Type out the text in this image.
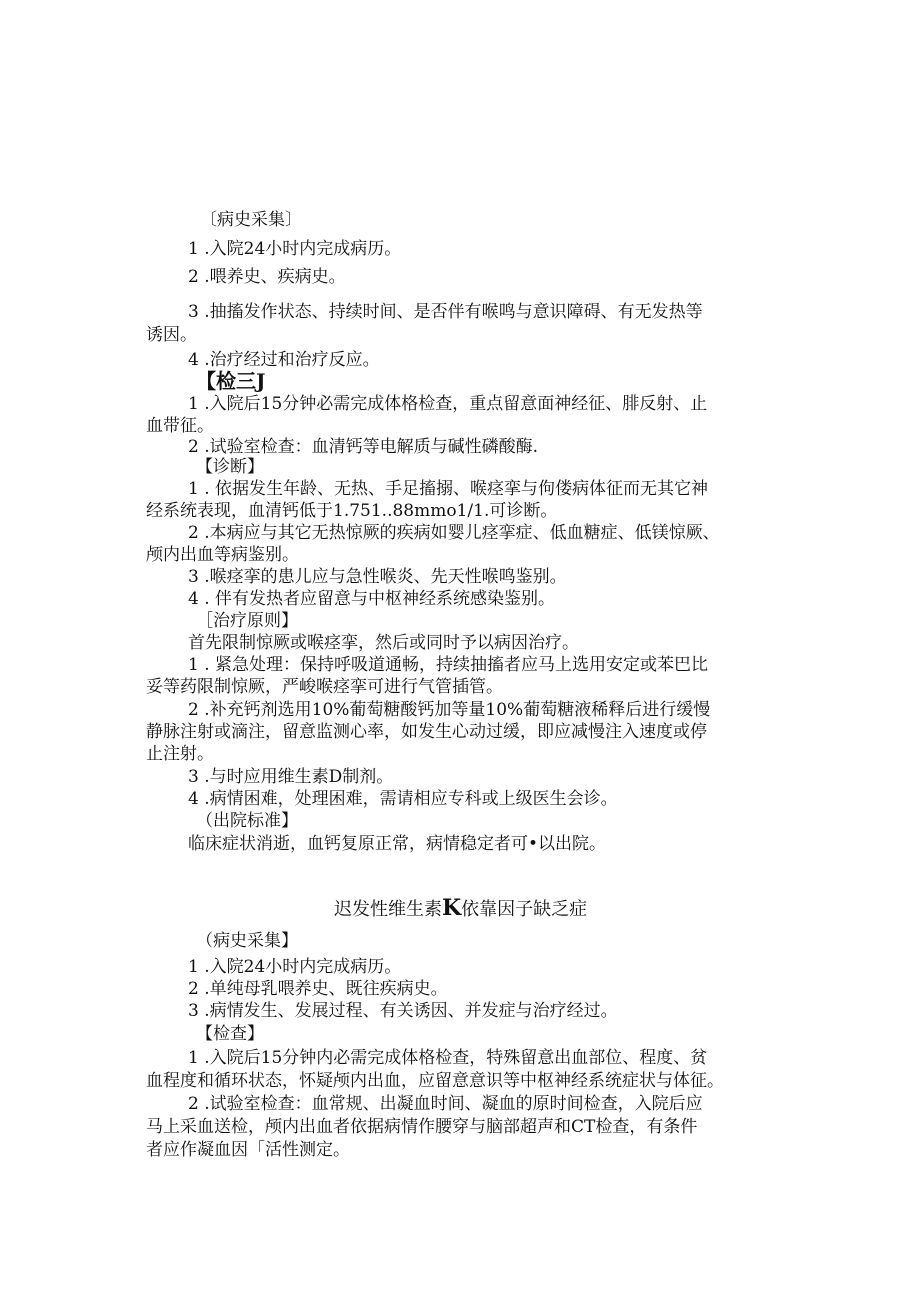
〔病史采集〕
1 .入院24小时内完成病历。
2 .喂养史、疾病史。
3 .抽搐发作状态、持续时间、是否伴有喉鸣与意识障碍、有无发热等
诱因。
4 .治疗经过和治疗反应。
【检三J
1 .入院后15分钟必需完成体格检查，重点留意面神经征、腓反射、止
血带征。
2 .试验室检查：血清钙等电解质与碱性磷酸酶.
【诊断】
1 . 依据发生年龄、无热、手足搐搦、喉痉挛与佝偻病体征而无其它神
经系统表现，血清钙低于1.751..88mmo1/1.可诊断。
2 .本病应与其它无热惊厥的疾病如婴儿痉挛症、低血糖症、低镁惊厥、
颅内出血等病鉴别。
3 .喉痉挛的患儿应与急性喉炎、先天性喉鸣鉴别。
4 . 伴有发热者应留意与中枢神经系统感染鉴别。
［治疗原则】
首先限制惊厥或喉痉挛，然后或同时予以病因治疗。
1 . 紧急处理：保持呼吸道通畅，持续抽搐者应马上选用安定或苯巴比
妥等药限制惊厥，严峻喉痉挛可进行气管插管。
2 .补充钙剂选用10%葡萄糖酸钙加等量10%葡萄糖液稀释后进行缓慢
静脉注射或滴注，留意监测心率，如发生心动过缓，即应减慢注入速度或停
止注射。
3 .与时应用维生素D制剂。
4 .病情困难，处理困难，需请相应专科或上级医生会诊。
（出院标准】
临床症状消逝，血钙复原正常，病情稳定者可•以出院。
迟发性维生素K依靠因子缺乏症
（病史采集】
1 .入院24小时内完成病历。
2 .单纯母乳喂养史、既往疾病史。
3 .病情发生、发展过程、有关诱因、并发症与治疗经过。
【检查】
1 .入院后15分钟内必需完成体格检查，特殊留意出血部位、程度、贫
血程度和循环状态，怀疑颅内出血，应留意意识等中枢神经系统症状与体征。
2 .试验室检查：血常规、出凝血时间、凝血的原时间检查，入院后应
马上采血送检，颅内出血者依据病情作腰穿与脑部超声和CT检查，有条件
者应作凝血因「活性测定。
